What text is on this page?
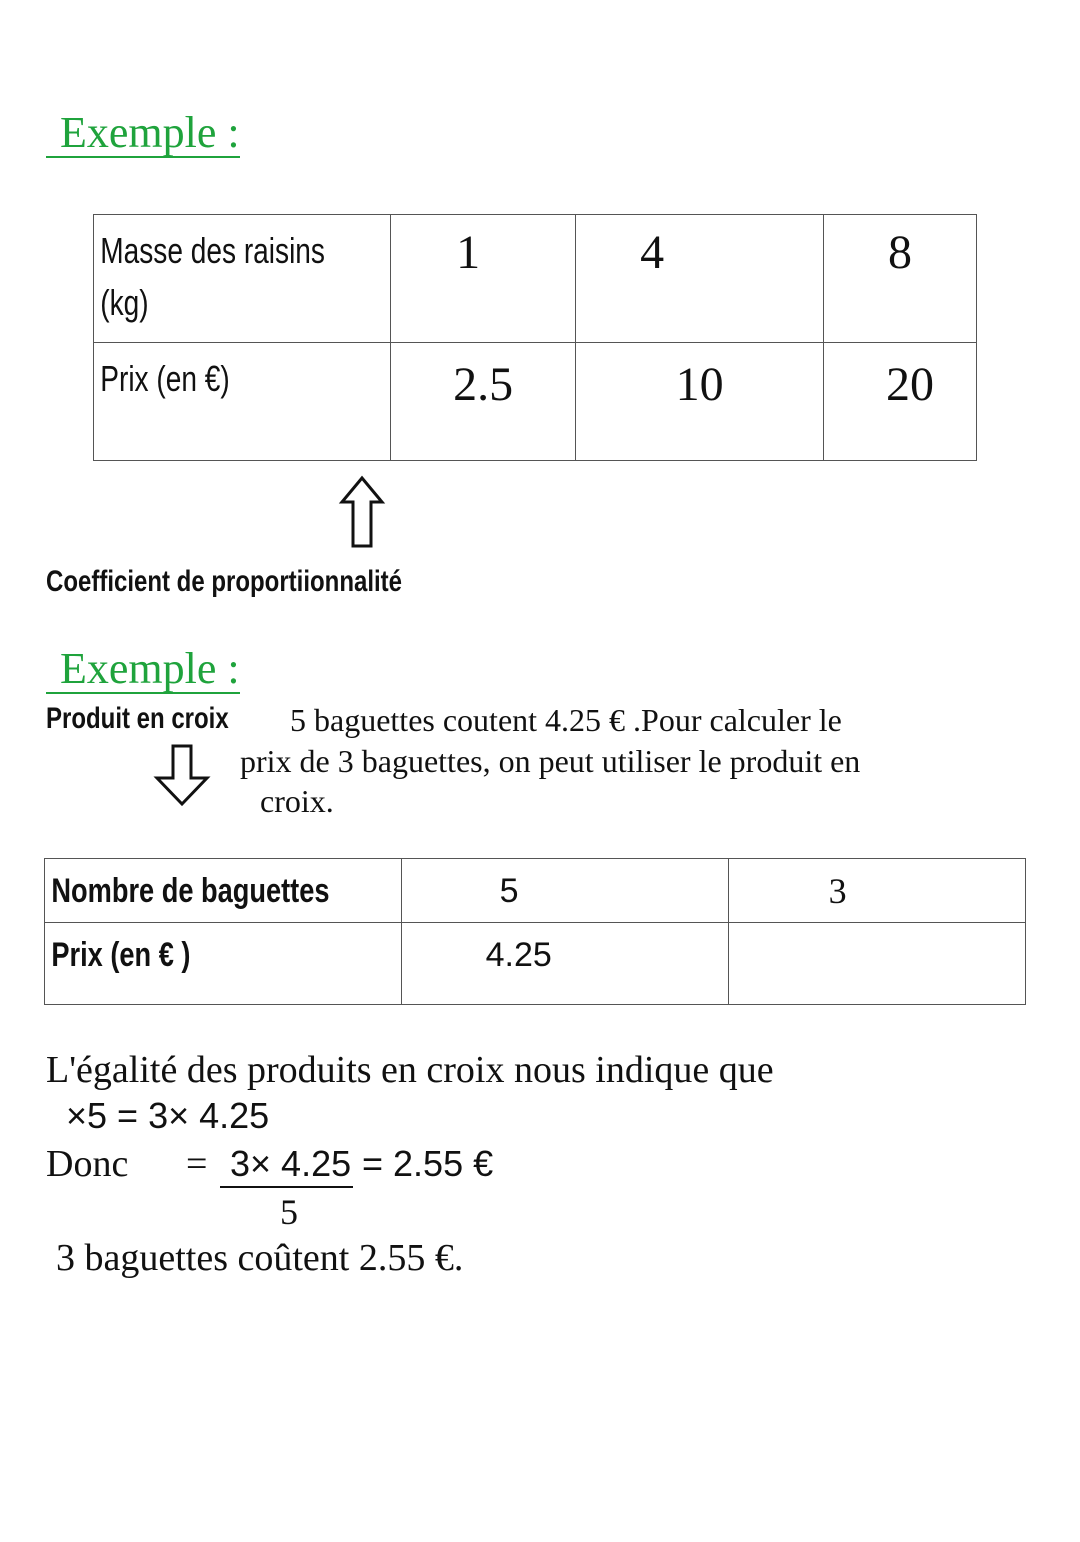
Exemple :
Masse des raisins
(kg)	1	4	8

Prix (en €)	2.5	10	20
Coefficient de proportiionnalité
Exemple :
Produit en croix 5 baguettes coutent 4.25 € .Pour calculer le
prix de 3 baguettes, on peut utiliser le produit en
croix.
Nombre de baguettes	5	3

Prix (en € )	4.25	

L'égalité des produits en croix nous indique que
×5 = 3× 4.25
Donc = 3× 4.25 = 2.55 €
5
3 baguettes coûtent 2.55 €.
